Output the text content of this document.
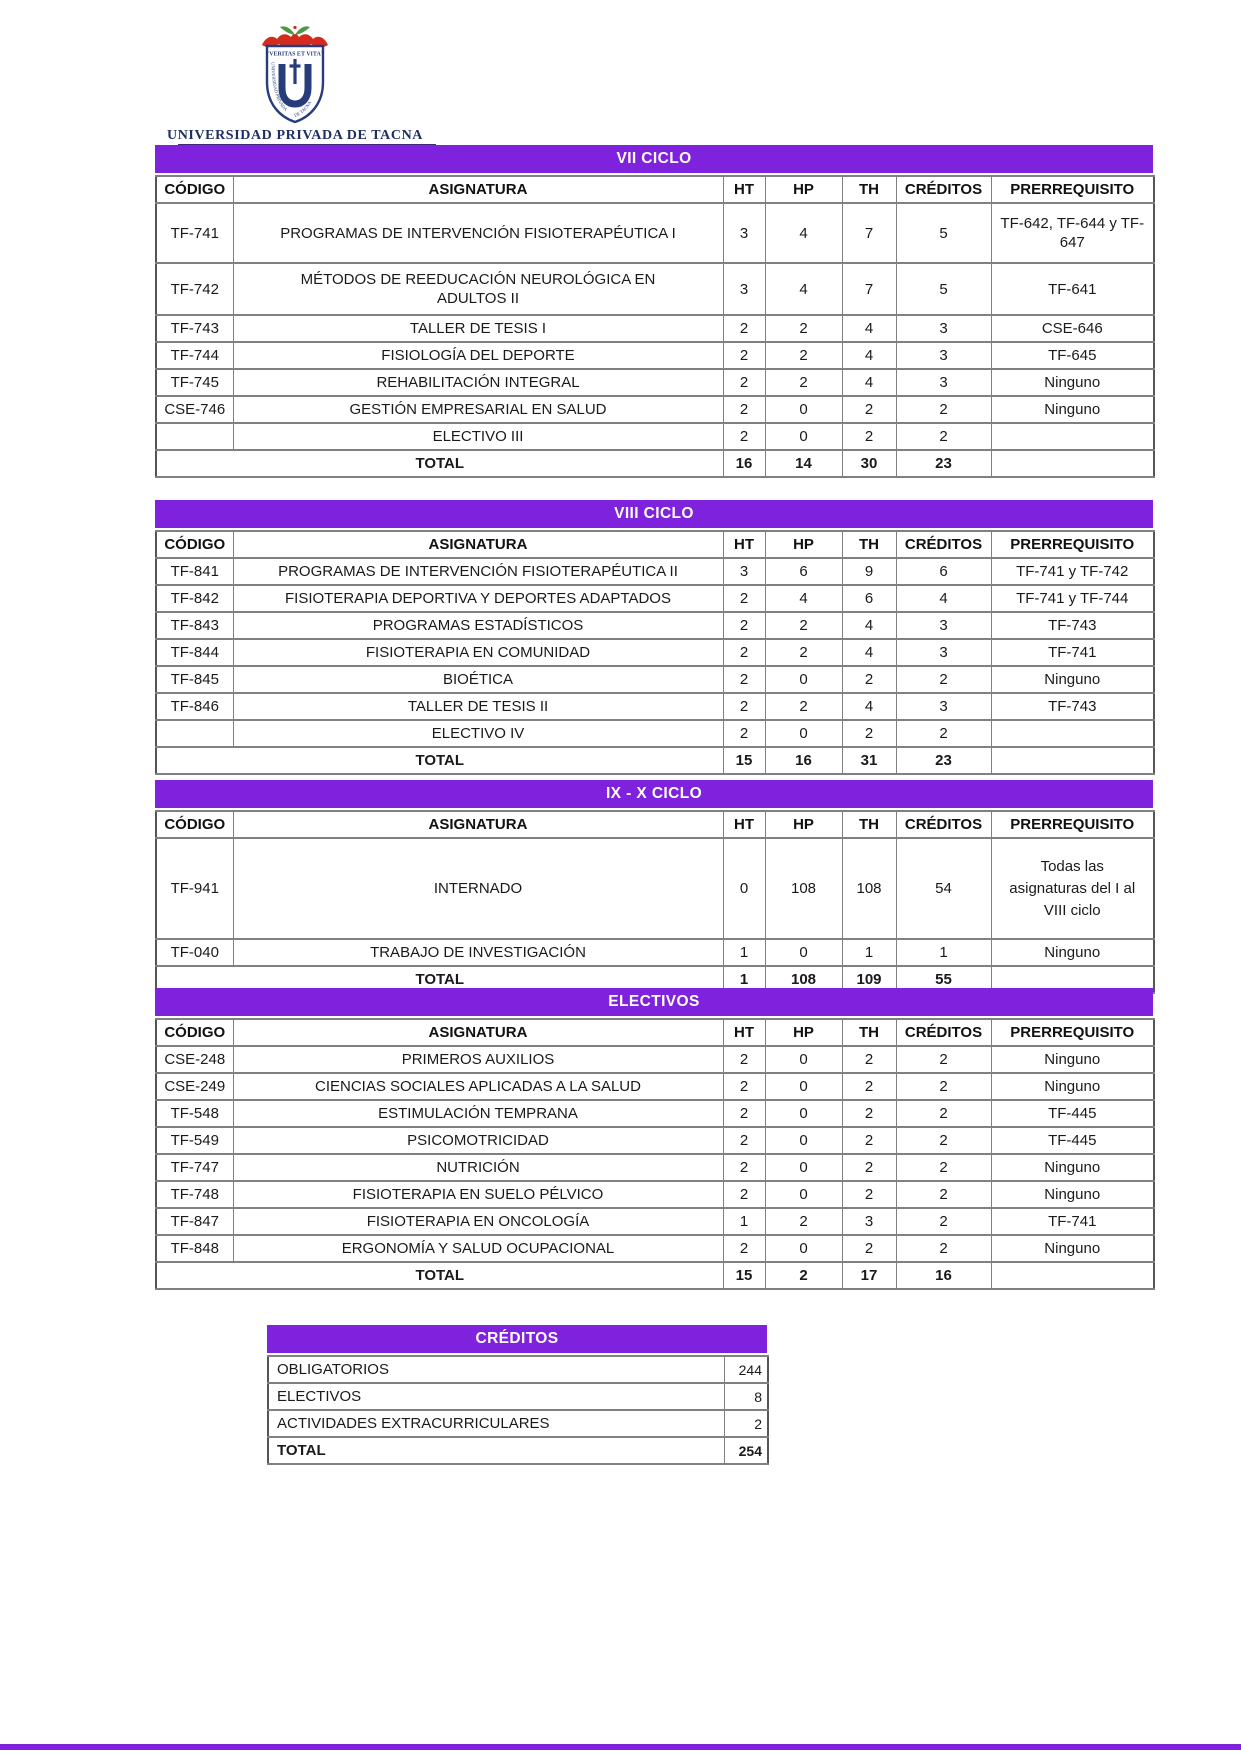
"VERITAS ET VITA"
UNIVERSIDAD PRIVADA
DE TACNA
UNIVERSIDAD PRIVADA DE TACNA
VII CICLO
CÓDIGO	ASIGNATURA	HT	HP	TH	CRÉDITOS	PRERREQUISITO
TF-741	PROGRAMAS DE INTERVENCIÓN FISIOTERAPÉUTICA I	3	4	7	5	TF-642, TF-644 y TF-647
TF-742	MÉTODOS DE REEDUCACIÓN NEUROLÓGICA EN ADULTOS II	3	4	7	5	TF-641
TF-743	TALLER DE TESIS I	2	2	4	3	CSE-646
TF-744	FISIOLOGÍA DEL DEPORTE	2	2	4	3	TF-645
TF-745	REHABILITACIÓN INTEGRAL	2	2	4	3	Ninguno
CSE-746	GESTIÓN EMPRESARIAL EN SALUD	2	0	2	2	Ninguno
	ELECTIVO III	2	0	2	2	
TOTAL		16	14	30	23	
VIII CICLO
CÓDIGO	ASIGNATURA	HT	HP	TH	CRÉDITOS	PRERREQUISITO
TF-841	PROGRAMAS DE INTERVENCIÓN FISIOTERAPÉUTICA II	3	6	9	6	TF-741 y TF-742
TF-842	FISIOTERAPIA DEPORTIVA Y DEPORTES ADAPTADOS	2	4	6	4	TF-741 y TF-744
TF-843	PROGRAMAS ESTADÍSTICOS	2	2	4	3	TF-743
TF-844	FISIOTERAPIA EN COMUNIDAD	2	2	4	3	TF-741
TF-845	BIOÉTICA	2	0	2	2	Ninguno
TF-846	TALLER DE TESIS II	2	2	4	3	TF-743
	ELECTIVO IV	2	0	2	2	
TOTAL		15	16	31	23	
IX - X CICLO
CÓDIGO	ASIGNATURA	HT	HP	TH	CRÉDITOS	PRERREQUISITO
TF-941	INTERNADO	0	108	108	54	Todas las asignaturas del I al VIII ciclo
TF-040	TRABAJO DE INVESTIGACIÓN	1	0	1	1	Ninguno
TOTAL		1	108	109	55	
ELECTIVOS
CÓDIGO	ASIGNATURA	HT	HP	TH	CRÉDITOS	PRERREQUISITO
CSE-248	PRIMEROS AUXILIOS	2	0	2	2	Ninguno
CSE-249	CIENCIAS SOCIALES APLICADAS A LA SALUD	2	0	2	2	Ninguno
TF-548	ESTIMULACIÓN TEMPRANA	2	0	2	2	TF-445
TF-549	PSICOMOTRICIDAD	2	0	2	2	TF-445
TF-747	NUTRICIÓN	2	0	2	2	Ninguno
TF-748	FISIOTERAPIA EN SUELO PÉLVICO	2	0	2	2	Ninguno
TF-847	FISIOTERAPIA EN ONCOLOGÍA	1	2	3	2	TF-741
TF-848	ERGONOMÍA Y SALUD OCUPACIONAL	2	0	2	2	Ninguno
TOTAL		15	2	17	16	
CRÉDITOS
OBLIGATORIOS	244
ELECTIVOS	8
ACTIVIDADES EXTRACURRICULARES	2
TOTAL	254
